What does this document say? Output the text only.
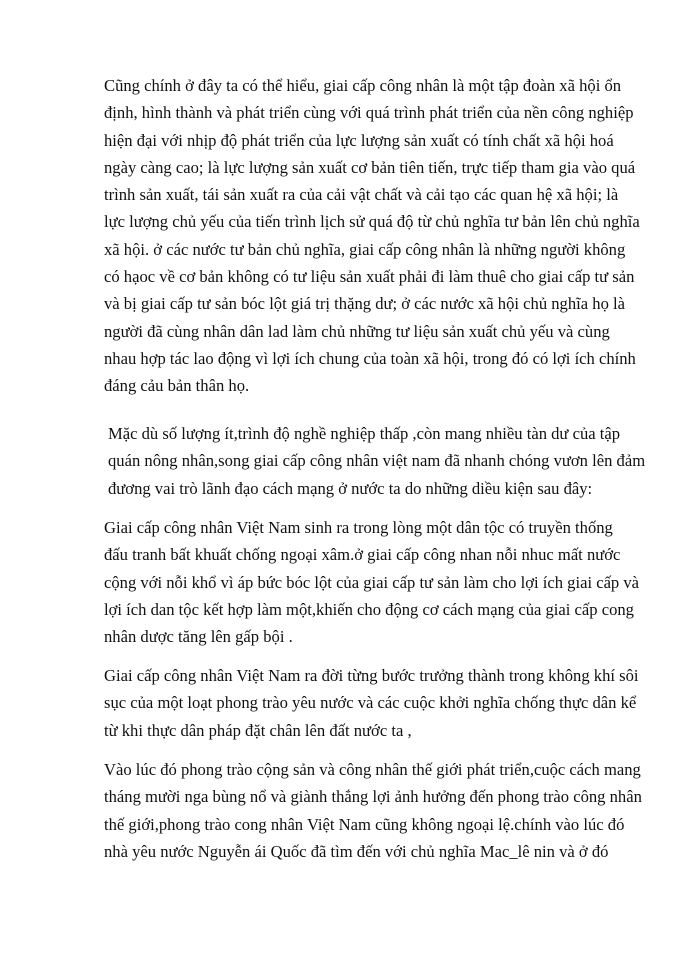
Cũng chính ở đây ta có thể hiểu, giai cấp công nhân là một tập đoàn xã hội ổn
định, hình thành và phát triển cùng với quá trình phát triển của nền công nghiệp
hiện đại với nhịp độ phát triển của lực lượng sản xuất có tính chất xã hội hoá
ngày càng cao; là lực lượng sản xuất cơ bản tiên tiến, trực tiếp tham gia vào quá
trình sản xuất, tái sản xuất ra của cải vật chất và cải tạo các quan hệ xã hội; là
lực lượng chủ yếu của tiến trình lịch sử quá độ từ chủ nghĩa tư bản lên chủ nghĩa
xã hội. ở các nước tư bản chủ nghĩa, giai cấp công nhân là những người không
có hạoc về cơ bản không có tư liệu sản xuất phải đi làm thuê cho giai cấp tư sản
và bị giai cấp tư sản bóc lột giá trị thặng dư; ở các nước xã hội chủ nghĩa họ là
người đã cùng nhân dân lad làm chủ những tư liệu sản xuất chủ yếu và cùng
nhau hợp tác lao động vì lợi ích chung của toàn xã hội, trong đó có lợi ích chính
đáng cảu bản thân họ.

Mặc dù số lượng ít,trình độ nghề nghiệp thấp ,còn mang nhiều tàn dư của tập
quán nông nhân,song giai cấp công nhân việt nam đã nhanh chóng vươn lên đảm
đương vai trò lãnh đạo cách mạng ở nước ta do những diều kiện sau đây:

Giai cấp công nhân Việt Nam sinh ra trong lòng một dân tộc có truyền thống
đấu tranh bất khuất chống ngoại xâm.ở giai cấp công nhan nỗi nhuc mất nước
cộng với nỗi khổ vì áp bức bóc lột của giai cấp tư sản làm cho lợi ích giai cấp và
lợi ích dan tộc kết hợp làm một,khiến cho động cơ cách mạng của giai cấp cong
nhân dược tăng lên gấp bội .

Giai cấp công nhân Việt Nam ra đời từng bước trưởng thành trong không khí sôi
sục của một loạt phong trào yêu nước và các cuộc khởi nghĩa chống thực dân kể
từ khi thực dân pháp đặt chân lên đất nước ta ,

Vào lúc đó phong trào cộng sản và công nhân thế giới phát triển,cuộc cách mang
tháng mười nga bùng nổ và giành thắng lợi ảnh hưởng đến phong trào công nhân
thế giới,phong trào cong nhân Việt Nam cũng không ngoại lệ.chính vào lúc đó
nhà yêu nước Nguyễn ái Quốc đã tìm đến với chủ nghĩa Mac_lê nin và ở đó
